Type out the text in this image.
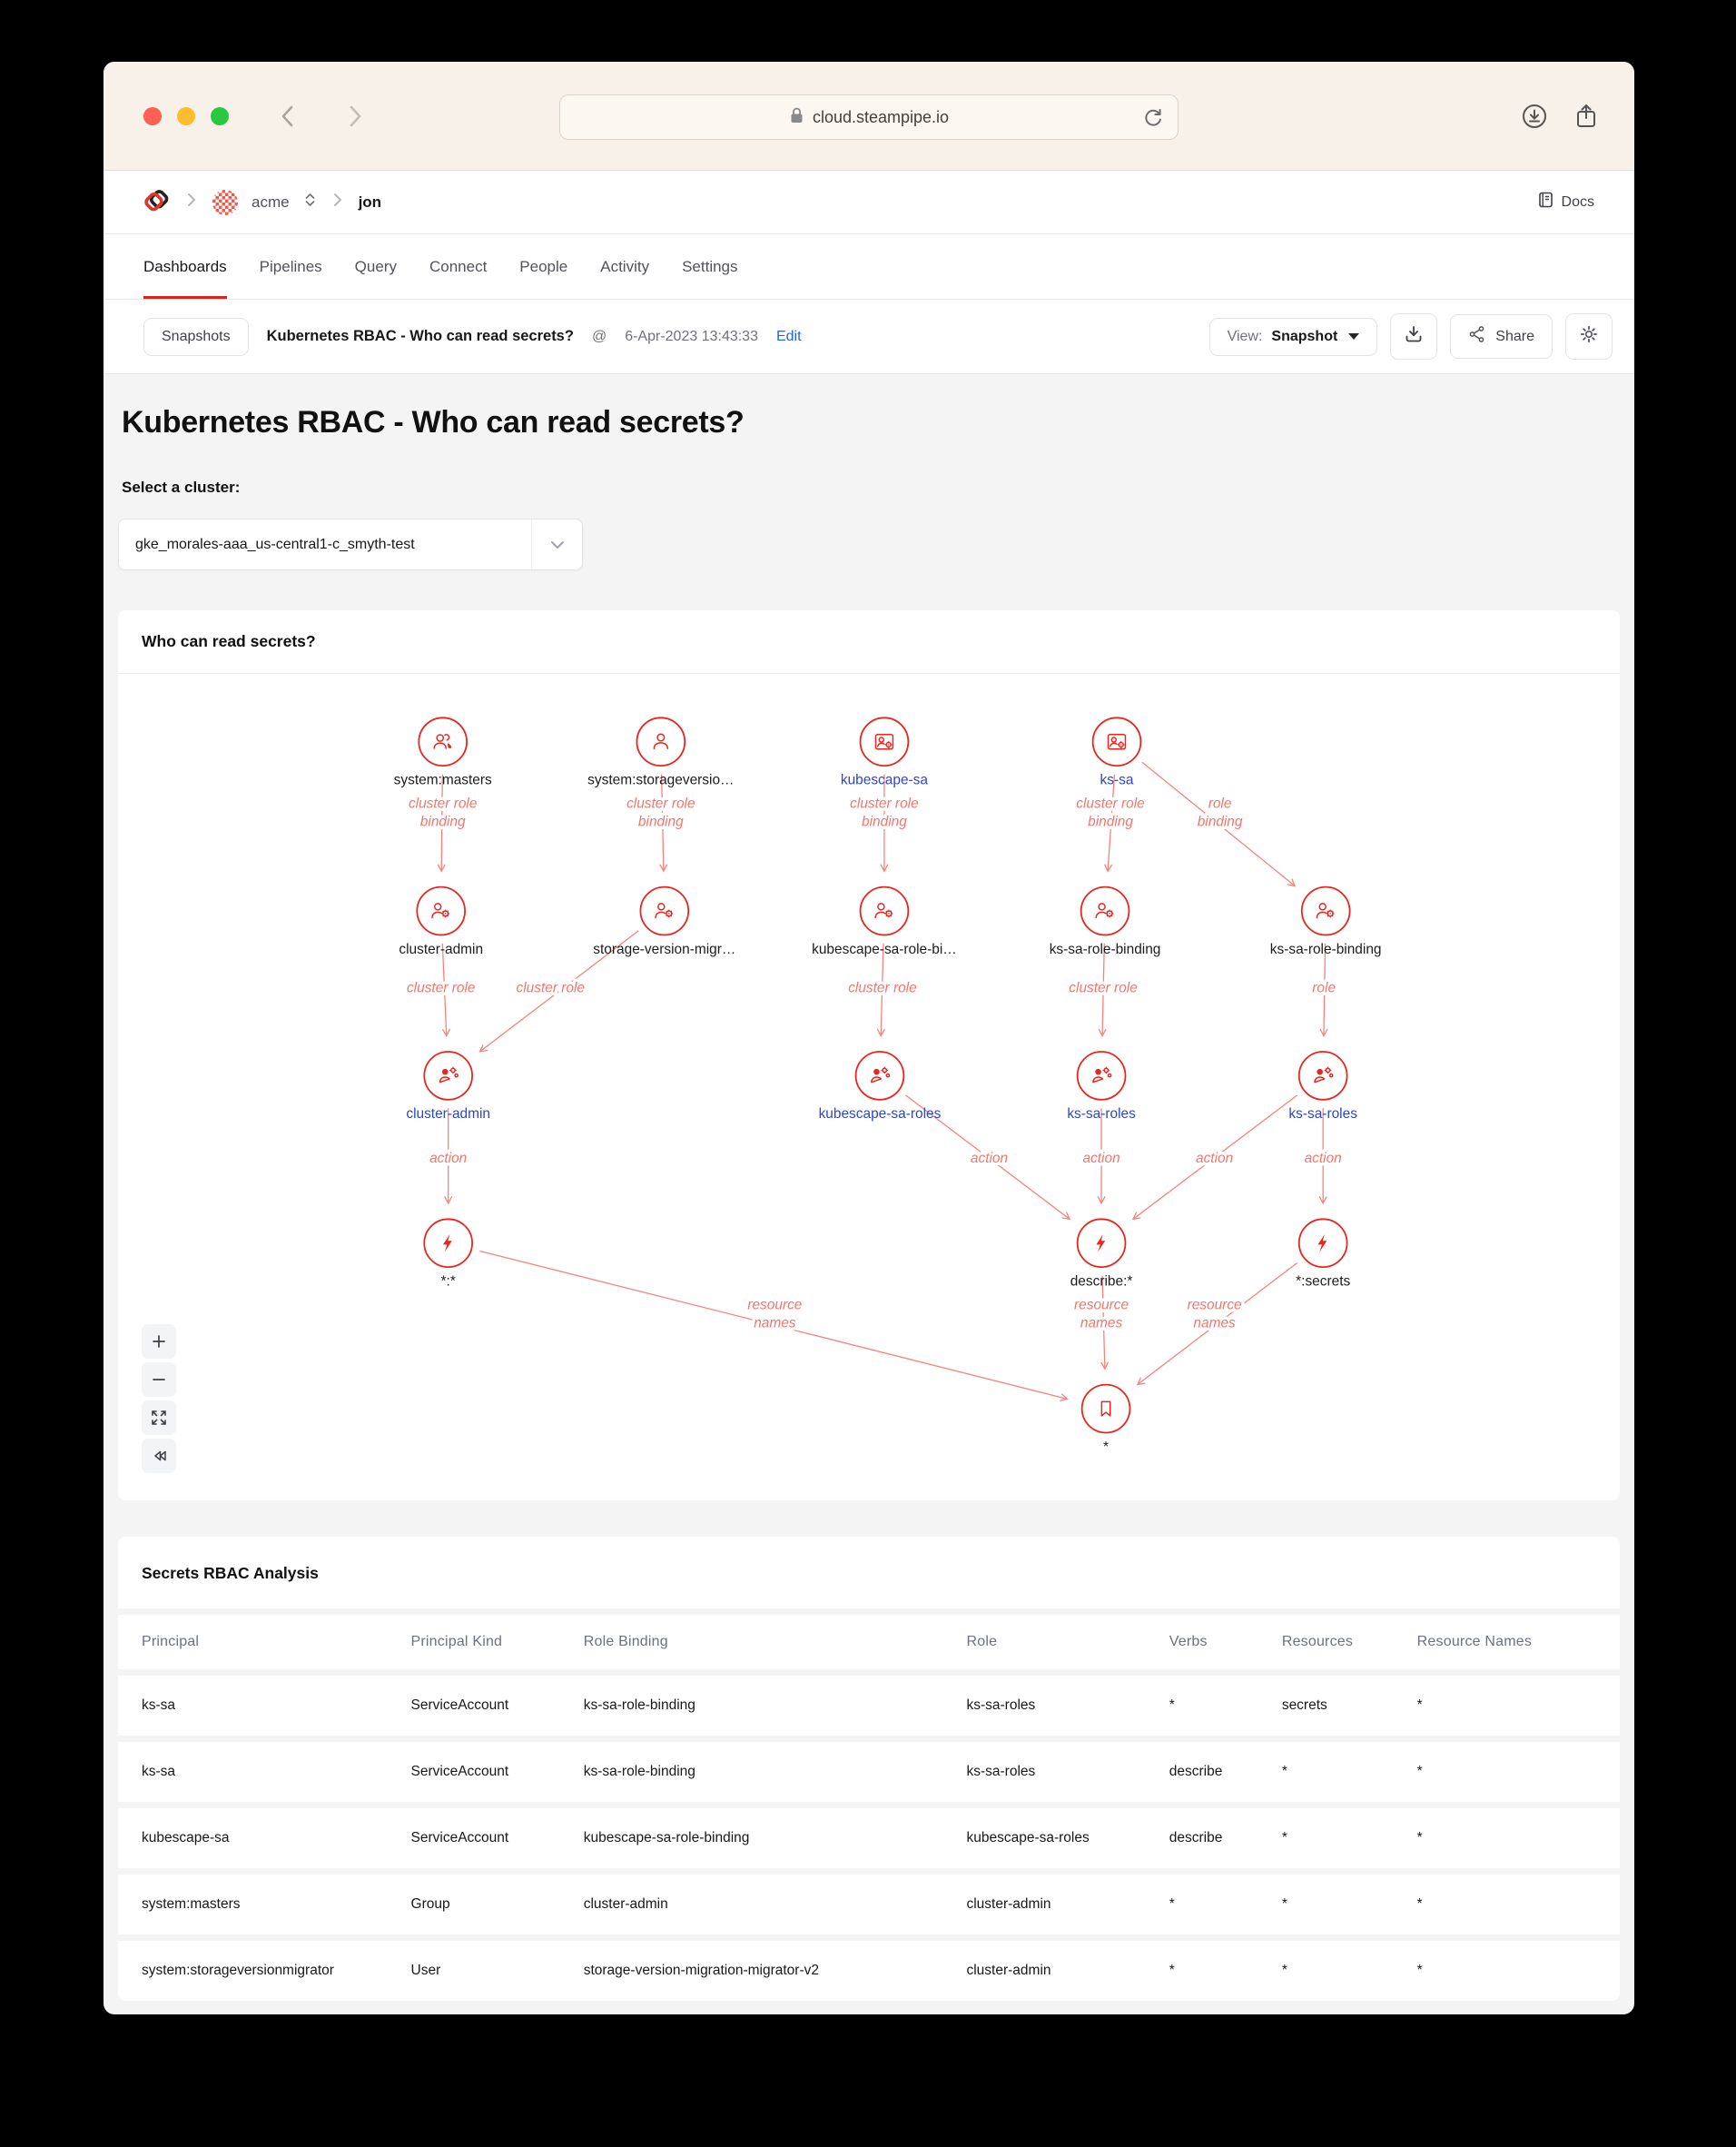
cloud.steampipe.io
acme	jon	Docs
Dashboards Pipelines Query Connect People Activity Settings
Snapshots	Kubernetes RBAC - Who can read secrets? @ 6-Apr-2023 13:43:33 Edit	View: Snapshot	Share
Kubernetes RBAC - Who can read secrets?
Select a cluster:
gke_morales-aaa_us-central1-c_smyth-test
Who can read secrets?
cluster role binding
cluster role binding
cluster role binding
cluster role binding
role binding
cluster role	cluster role	cluster role	cluster role	role
action	action	action	action	action
resource names
resource names
resource names
system:masters	system:storageversio…	kubescape-sa	ks-sa
cluster-admin	storage-version-migr…	kubescape-sa-role-bi…	ks-sa-role-binding	ks-sa-role-binding
cluster-admin	kubescape-sa-roles	ks-sa-roles	ks-sa-roles
*:*	describe:*	*:secrets
*
Secrets RBAC Analysis
Principal	Principal Kind	Role Binding	Role	Verbs	Resources	Resource Names
ks-sa	ServiceAccount	ks-sa-role-binding	ks-sa-roles	*	secrets	*
ks-sa	ServiceAccount	ks-sa-role-binding	ks-sa-roles	describe	*	*
kubescape-sa	ServiceAccount	kubescape-sa-role-binding	kubescape-sa-roles	describe	*	*
system:masters	Group	cluster-admin	cluster-admin	*	*	*
system:storageversionmigrator	User	storage-version-migration-migrator-v2	cluster-admin	*	*	*
